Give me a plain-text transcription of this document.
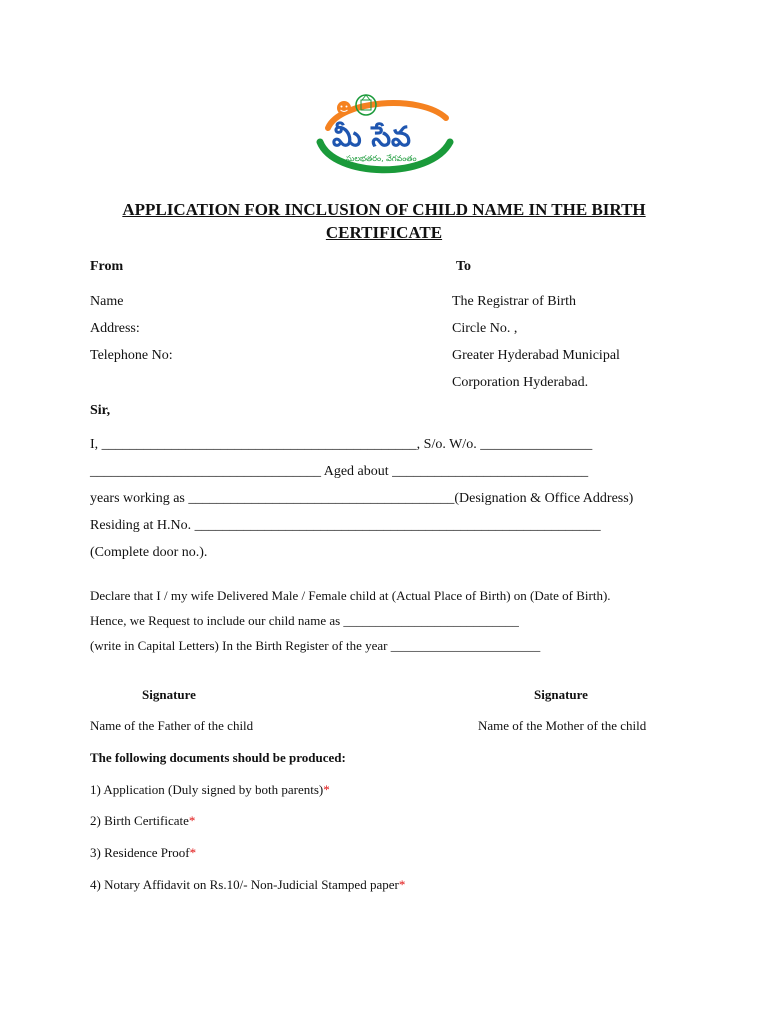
మీ సేవ
సులభతరం, వేగవంతం
APPLICATION FOR INCLUSION OF CHILD NAME IN THE BIRTH
CERTIFICATE
From	To
Name
Address:
Telephone No:
The Registrar of Birth
Circle No. ,
Greater Hyderabad Municipal
Corporation Hyderabad.
Sir,
I, _____________________________________________, S/o. W/o. ________________
_________________________________ Aged about ____________________________
years working as ______________________________________(Designation & Office Address)
Residing at H.No. __________________________________________________________
(Complete door no.).
Declare that I / my wife Delivered Male / Female child at (Actual Place of Birth) on (Date of Birth).
Hence, we Request to include our child name as ___________________________
(write in Capital Letters) In the Birth Register of the year _______________________
Signature	Signature
Name of the Father of the child	Name of the Mother of the child
The following documents should be produced:
1) Application (Duly signed by both parents)*
2) Birth Certificate*
3) Residence Proof*
4) Notary Affidavit on Rs.10/- Non-Judicial Stamped paper*
